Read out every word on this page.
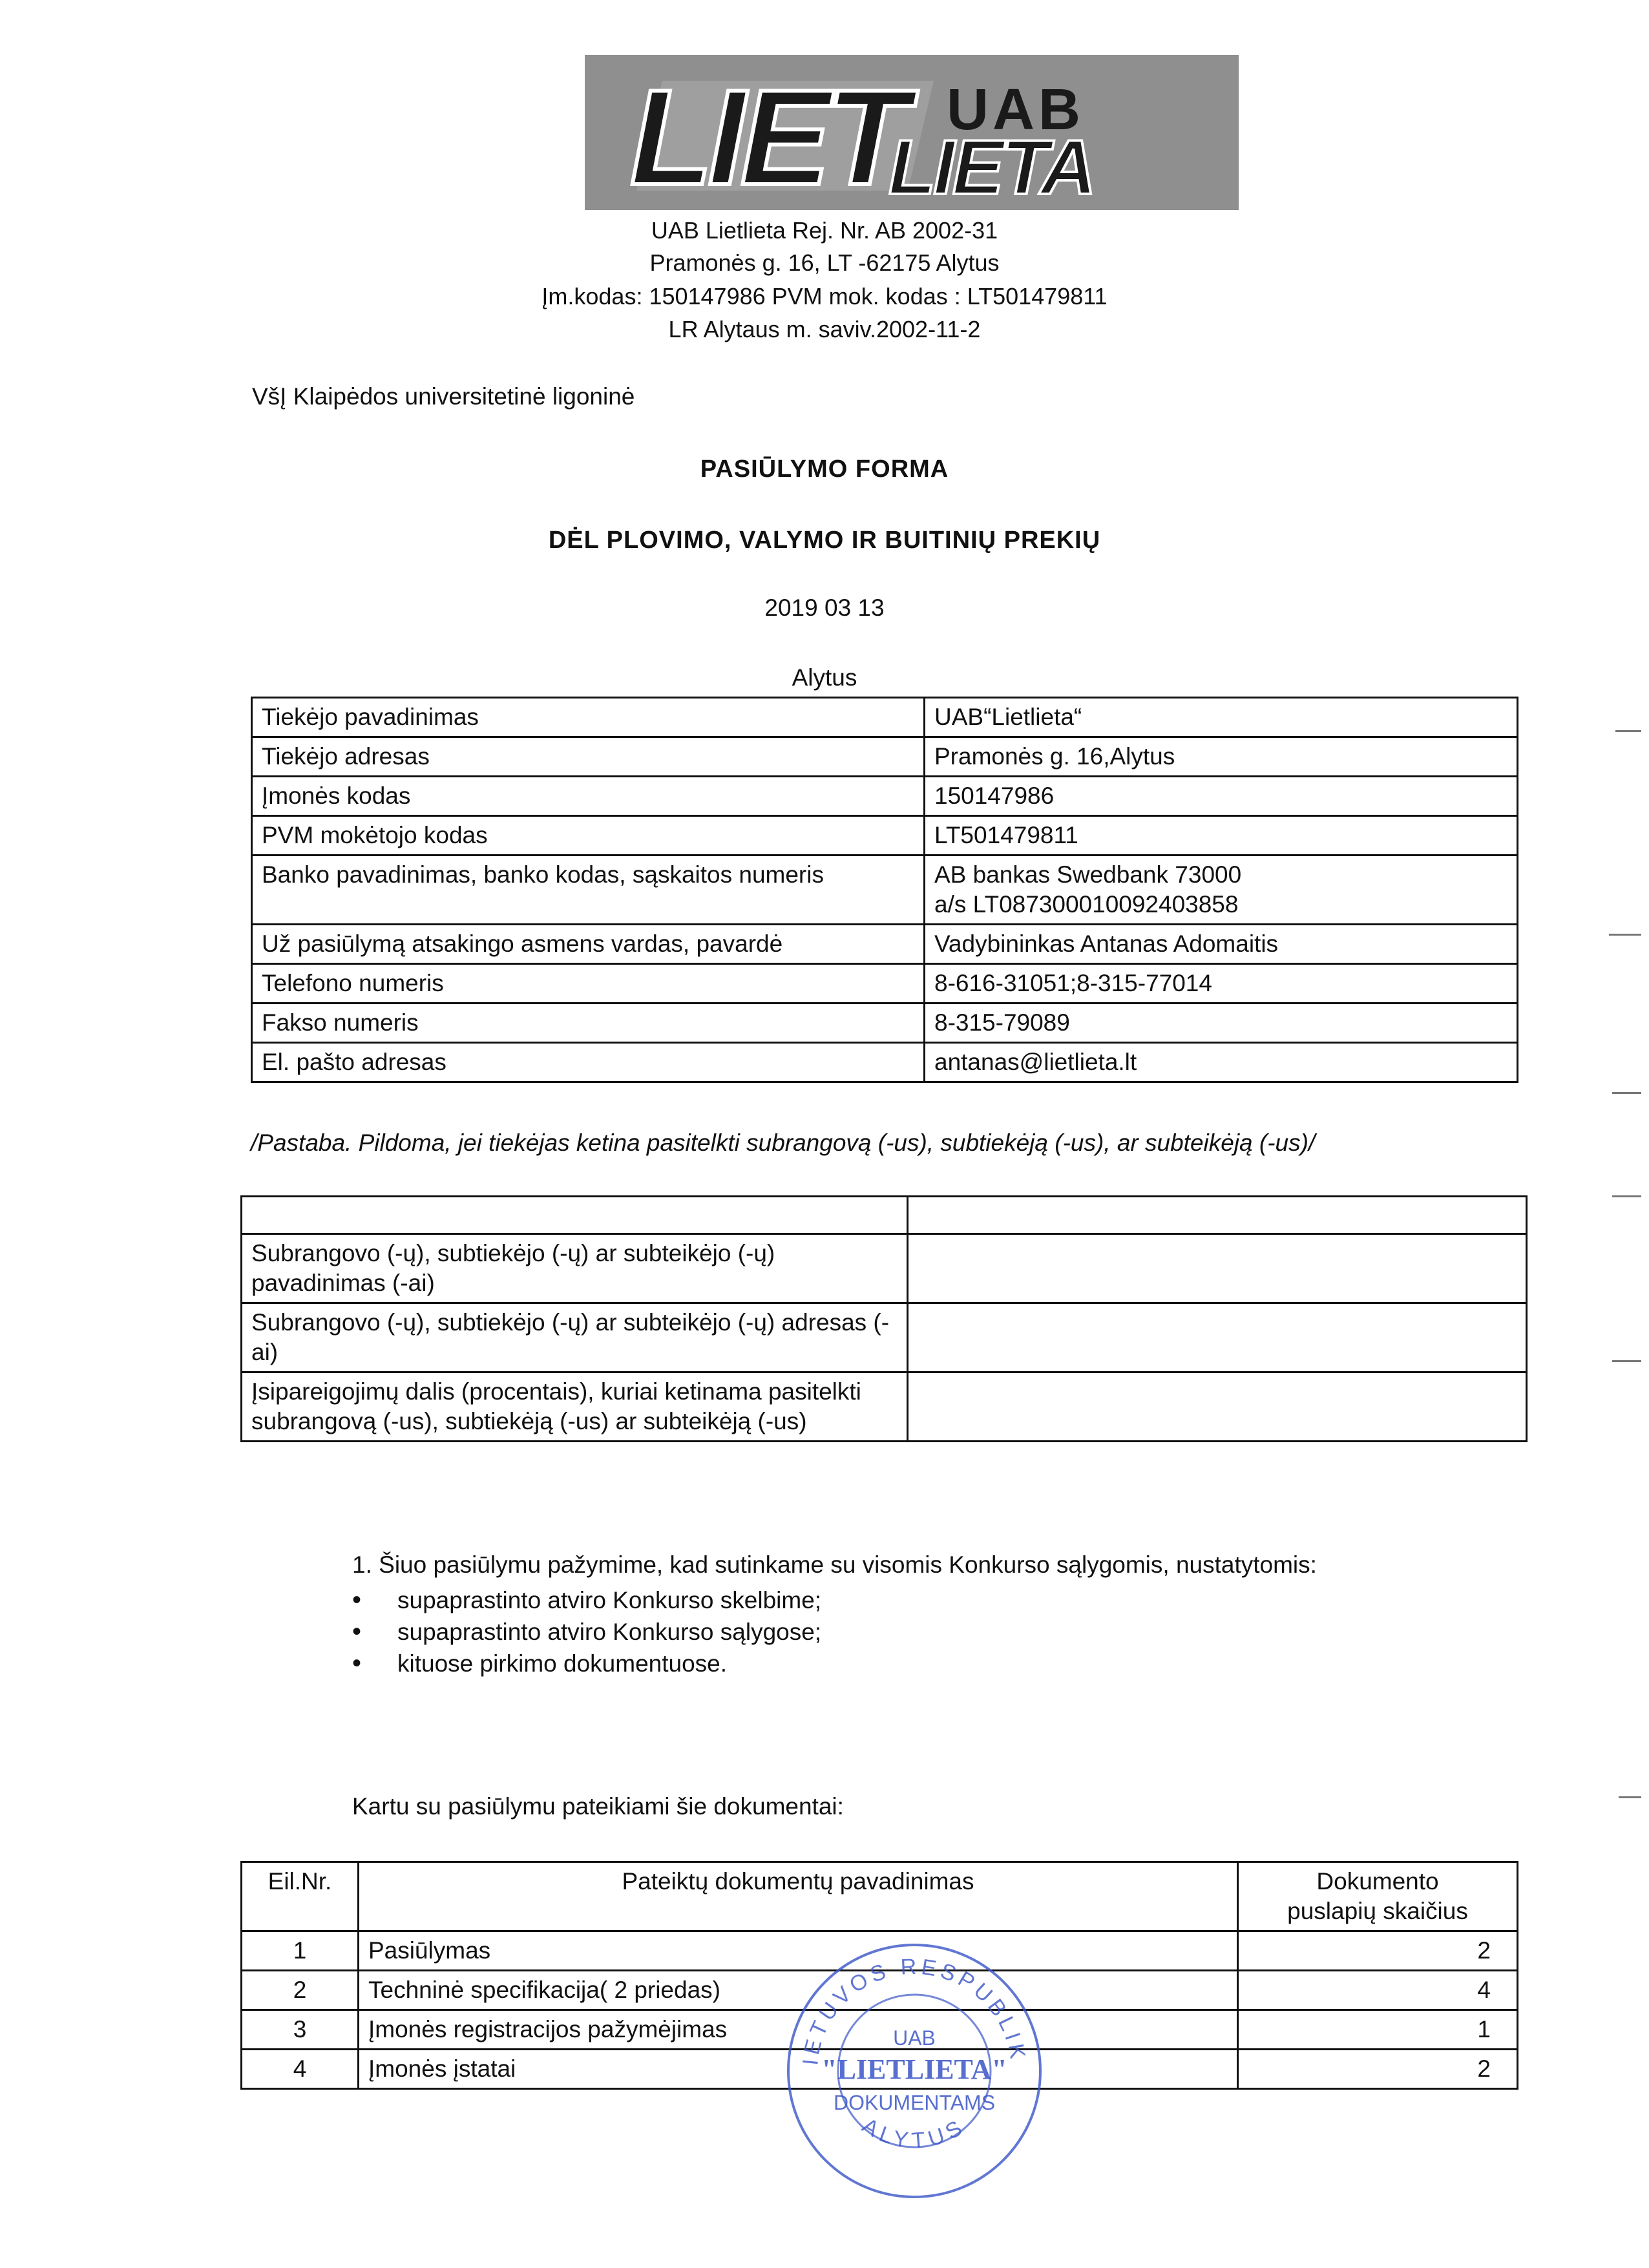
LIET UAB
LIETA
UAB Lietlieta Rej. Nr. AB 2002-31
Pramonės g. 16, LT -62175 Alytus
Įm.kodas: 150147986 PVM mok. kodas : LT501479811
LR Alytaus m. saviv.2002-11-2
VšĮ Klaipėdos universitetinė ligoninė
PASIŪLYMO FORMA
DĖL PLOVIMO, VALYMO IR BUITINIŲ PREKIŲ
2019 03 13
Alytus
Tiekėjo pavadinimas	UAB“Lietlieta“
Tiekėjo adresas	Pramonės g. 16,Alytus
Įmonės kodas	150147986
PVM mokėtojo kodas	LT501479811
Banko pavadinimas, banko kodas, sąskaitos numeris	AB bankas Swedbank 73000
a/s LT087300010092403858

Už pasiūlymą atsakingo asmens vardas, pavardė	Vadybininkas Antanas Adomaitis
Telefono numeris	8-616-31051;8-315-77014
Fakso numeris	8-315-79089
El. pašto adresas	antanas@lietlieta.lt
/Pastaba. Pildoma, jei tiekėjas ketina pasitelkti subrangovą (-us), subtiekėją (-us), ar subteikėją (-us)/

Subrangovo (-ų), subtiekėjo (-ų) ar subteikėjo (-ų) pavadinimas (-ai)	
Subrangovo (-ų), subtiekėjo (-ų) ar subteikėjo (-ų) adresas (-ai)	
Įsipareigojimų dalis (procentais), kuriai ketinama pasitelkti subrangovą (-us), subtiekėją (-us) ar subteikėją (-us)	
1. Šiuo pasiūlymu pažymime, kad sutinkame su visomis Konkurso sąlygomis, nustatytomis:
• supaprastinto atviro Konkurso skelbime;
• supaprastinto atviro Konkurso sąlygose;
• kituose pirkimo dokumentuose.
Kartu su pasiūlymu pateikiami šie dokumentai:
Eil.Nr.	Pateiktų dokumentų pavadinimas	Dokumento puslapių skaičius
1	Pasiūlymas	2
2	Techninė specifikacija( 2 priedas)	4
3	Įmonės registracijos pažymėjimas	1
4	Įmonės įstatai	2
IETUVOS RESPUBLIK
ALYTUS
UAB
"LIETLIETA"
DOKUMENTAMS
